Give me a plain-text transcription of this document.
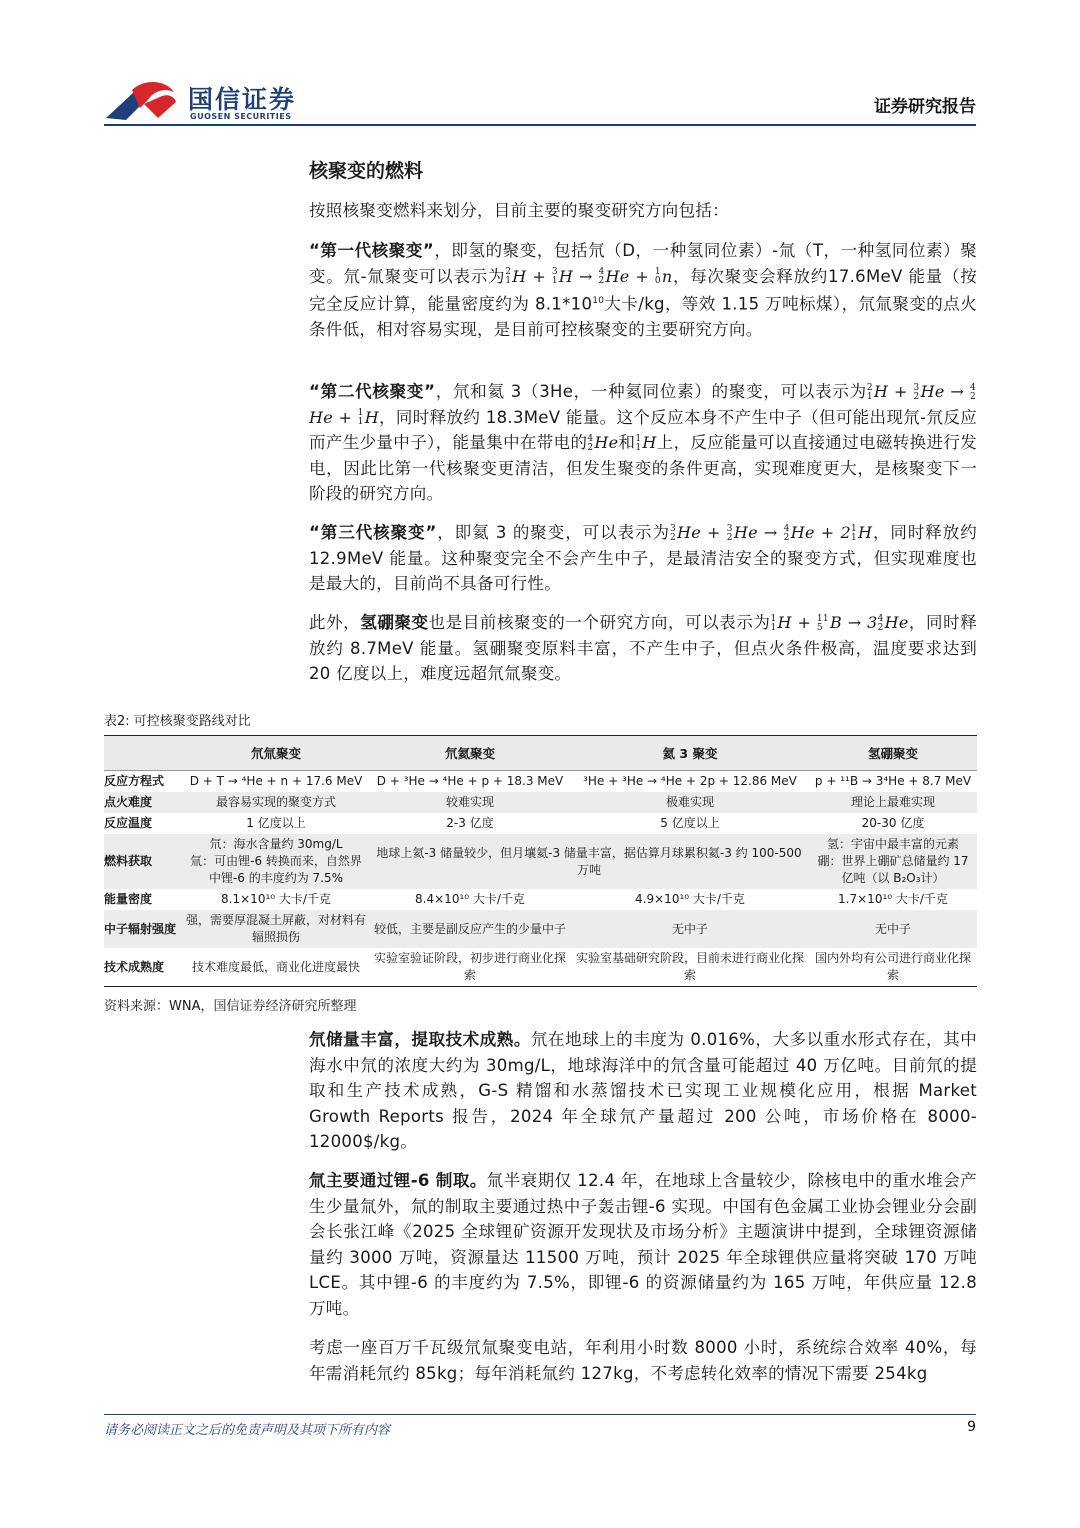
国信证券
GUOSEN SECURITIES	证券研究报告
核聚变的燃料

按照核聚变燃料来划分，目前主要的聚变研究方向包括：

“第一代核聚变”，即氢的聚变，包括氘（D，一种氢同位素）-氚（T，一种氢同位素）聚变。氘-氚聚变可以表示为 2
1 H + 3
1 H → 4
2 He + 1
0 n，每次聚变会释放约17.6MeV 能量（按完全反应计算，能量密度约为 $8.1*10^{10}$大卡/kg，等效 1.15 万吨标煤），氘氚聚变的点火条件低，相对容易实现，是目前可控核聚变的主要研究方向。

“第二代核聚变”，氘和氦 3（3He，一种氦同位素）的聚变，可以表示为 2
1 H + 3
2 He → 4
2
He + 1
1 H，同时释放约 18.3MeV 能量。这个反应本身不产生中子（但可能出现氘-氘反应而产生少量中子），能量集中在带电的 4
2 He和 1
1 H上，反应能量可以直接通过电磁转换进行发电，因此比第一代核聚变更清洁，但发生聚变的条件更高，实现难度更大，是核聚变下一阶段的研究方向。

“第三代核聚变”，即氦 3 的聚变，可以表示为 3
2 He + 3
2 He → 4
2 He + 2 1
1 H，同时释放约 12.9MeV 能量。这种聚变完全不会产生中子，是最清洁安全的聚变方式，但实现难度也是最大的，目前尚不具备可行性。

此外，氢硼聚变也是目前核聚变的一个研究方向，可以表示为 1
1 H + 11
5 B → 3 4
2 He，同时释放约 8.7MeV 能量。氢硼聚变原料丰富，不产生中子，但点火条件极高，温度要求达到 20 亿度以上，难度远超氘氚聚变。

表2: 可控核聚变路线对比
	氘氚聚变	氘氦聚变	氦 3 聚变	氢硼聚变
反应方程式	D + T → ⁴He + n + 17.6 MeV	D + ³He → ⁴He + p + 18.3 MeV	³He + ³He → ⁴He + 2p + 12.86 MeV	p + ¹¹B → 3⁴He + 8.7 MeV
点火难度	最容易实现的聚变方式	较难实现	极难实现	理论上最难实现
反应温度	1 亿度以上	2-3 亿度	5 亿度以上	20-30 亿度
燃料获取	氘：海水含量约 30mg/L
氚：可由锂-6 转换而来，自然界中锂-6 的丰度约为 7.5%	地球上氦-3 储量较少，但月壤氦-3 储量丰富，据估算月球累积氦-3 约 100-500 万吨		氢：宇宙中最丰富的元素
硼：世界上硼矿总储量约 17 亿吨（以 B₂O₃计）
能量密度	8.1×10¹⁰ 大卡/千克	8.4×10¹⁰ 大卡/千克	4.9×10¹⁰ 大卡/千克	1.7×10¹⁰ 大卡/千克
中子辐射强度	强，需要厚混凝土屏蔽，对材料有辐照损伤	较低，主要是副反应产生的少量中子	无中子	无中子
技术成熟度	技术难度最低，商业化进度最快	实验室验证阶段，初步进行商业化探索	实验室基础研究阶段，目前未进行商业化探索	国内外均有公司进行商业化探索
资料来源：WNA，国信证券经济研究所整理

氘储量丰富，提取技术成熟。氘在地球上的丰度为 0.016%，大多以重水形式存在，其中海水中氘的浓度大约为 30mg/L，地球海洋中的氘含量可能超过 40 万亿吨。目前氘的提取和生产技术成熟，G-S 精馏和水蒸馏技术已实现工业规模化应用，根据 Market Growth Reports 报告，2024 年全球氘产量超过 200 公吨，市场价格在 8000-12000$/kg。

氚主要通过锂-6 制取。氚半衰期仅 12.4 年，在地球上含量较少，除核电中的重水堆会产生少量氚外，氚的制取主要通过热中子轰击锂-6 实现。中国有色金属工业协会锂业分会副会长张江峰《2025 全球锂矿资源开发现状及市场分析》主题演讲中提到，全球锂资源储量约 3000 万吨，资源量达 11500 万吨，预计 2025 年全球锂供应量将突破 170 万吨 LCE。其中锂-6 的丰度约为 7.5%，即锂-6 的资源储量约为 165 万吨，年供应量 12.8 万吨。

考虑一座百万千瓦级氘氚聚变电站，年利用小时数 8000 小时，系统综合效率 40%，每年需消耗氘约 85kg；每年消耗氚约 127kg，不考虑转化效率的情况下需要 254kg

请务必阅读正文之后的免责声明及其项下所有内容	9
